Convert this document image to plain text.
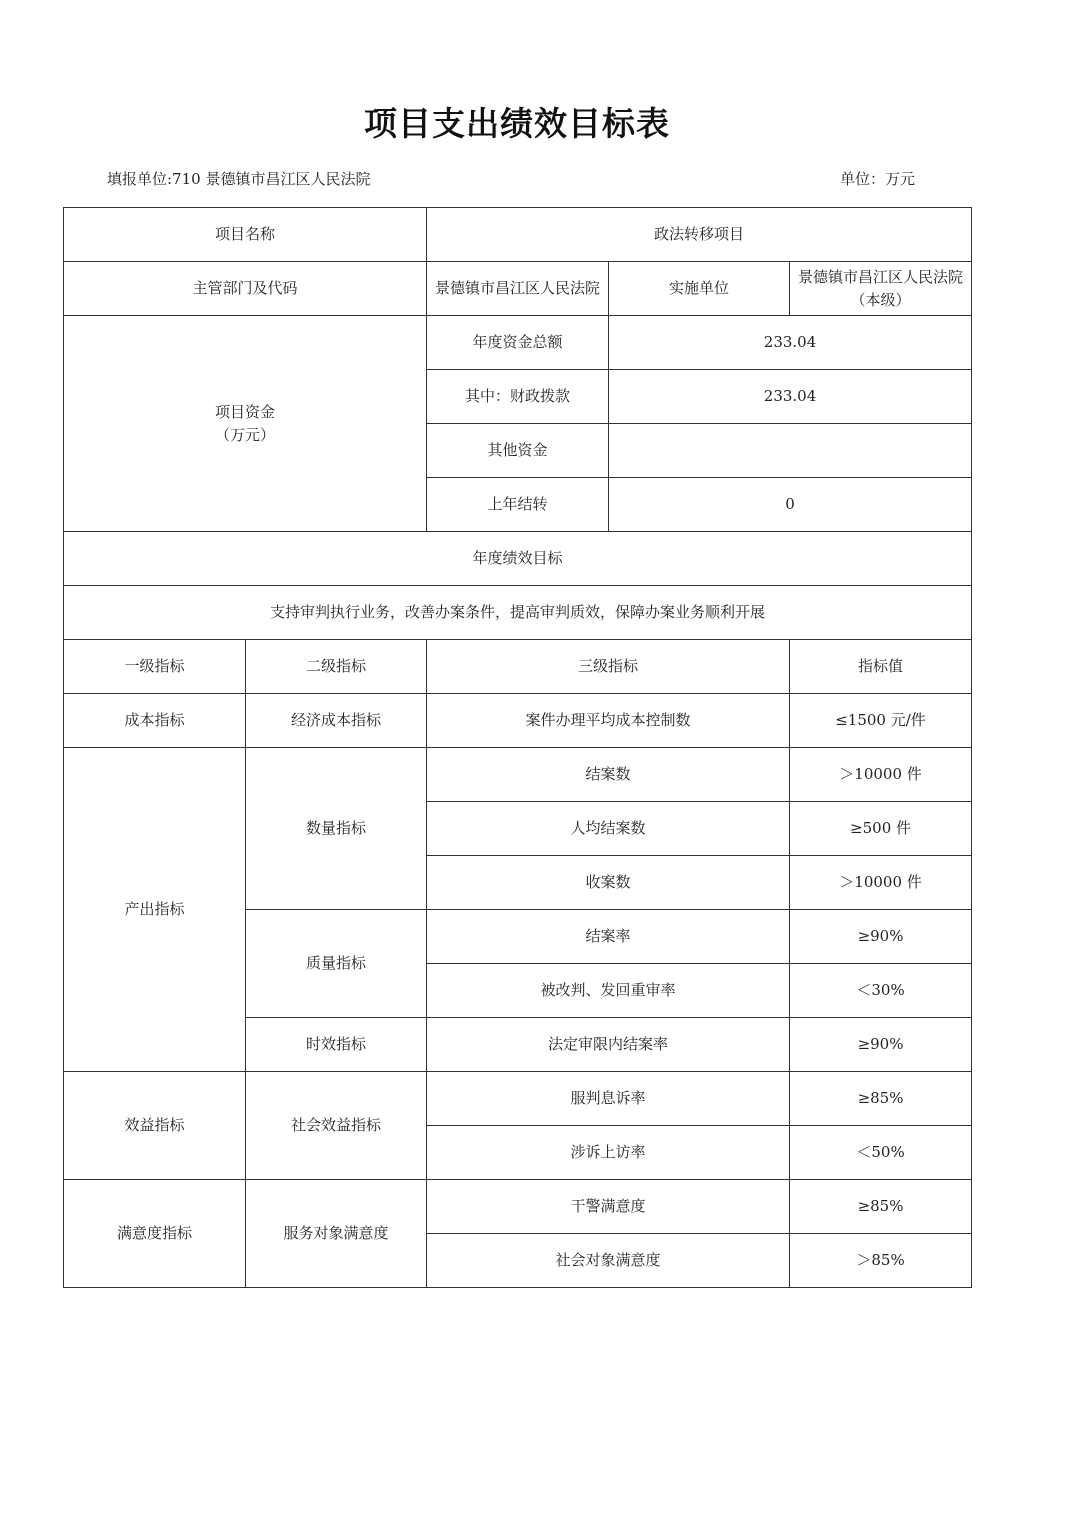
项目支出绩效目标表
填报单位:710 景德镇市昌江区人民法院	单位：万元
项目名称		政法转移项目		
主管部门及代码		景德镇市昌江区人民法院	实施单位	景德镇市昌江区人民法院（本级）
项目资金
（万元）		年度资金总额	233.04	
		其中：财政拨款	233.04	
		其他资金		
		上年结转	0	
年度绩效目标				
支持审判执行业务，改善办案条件，提高审判质效，保障办案业务顺利开展				
一级指标	二级指标	三级指标		指标值
成本指标	经济成本指标	案件办理平均成本控制数		≤1500 元/件
产出指标	数量指标	结案数		＞10000 件
		人均结案数		≥500 件
		收案数		＞10000 件
	质量指标	结案率		≥90%
		被改判、发回重审率		＜30%
	时效指标	法定审限内结案率		≥90%
效益指标	社会效益指标	服判息诉率		≥85%
		涉诉上访率		＜50%
满意度指标	服务对象满意度	干警满意度		≥85%
		社会对象满意度		＞85%
